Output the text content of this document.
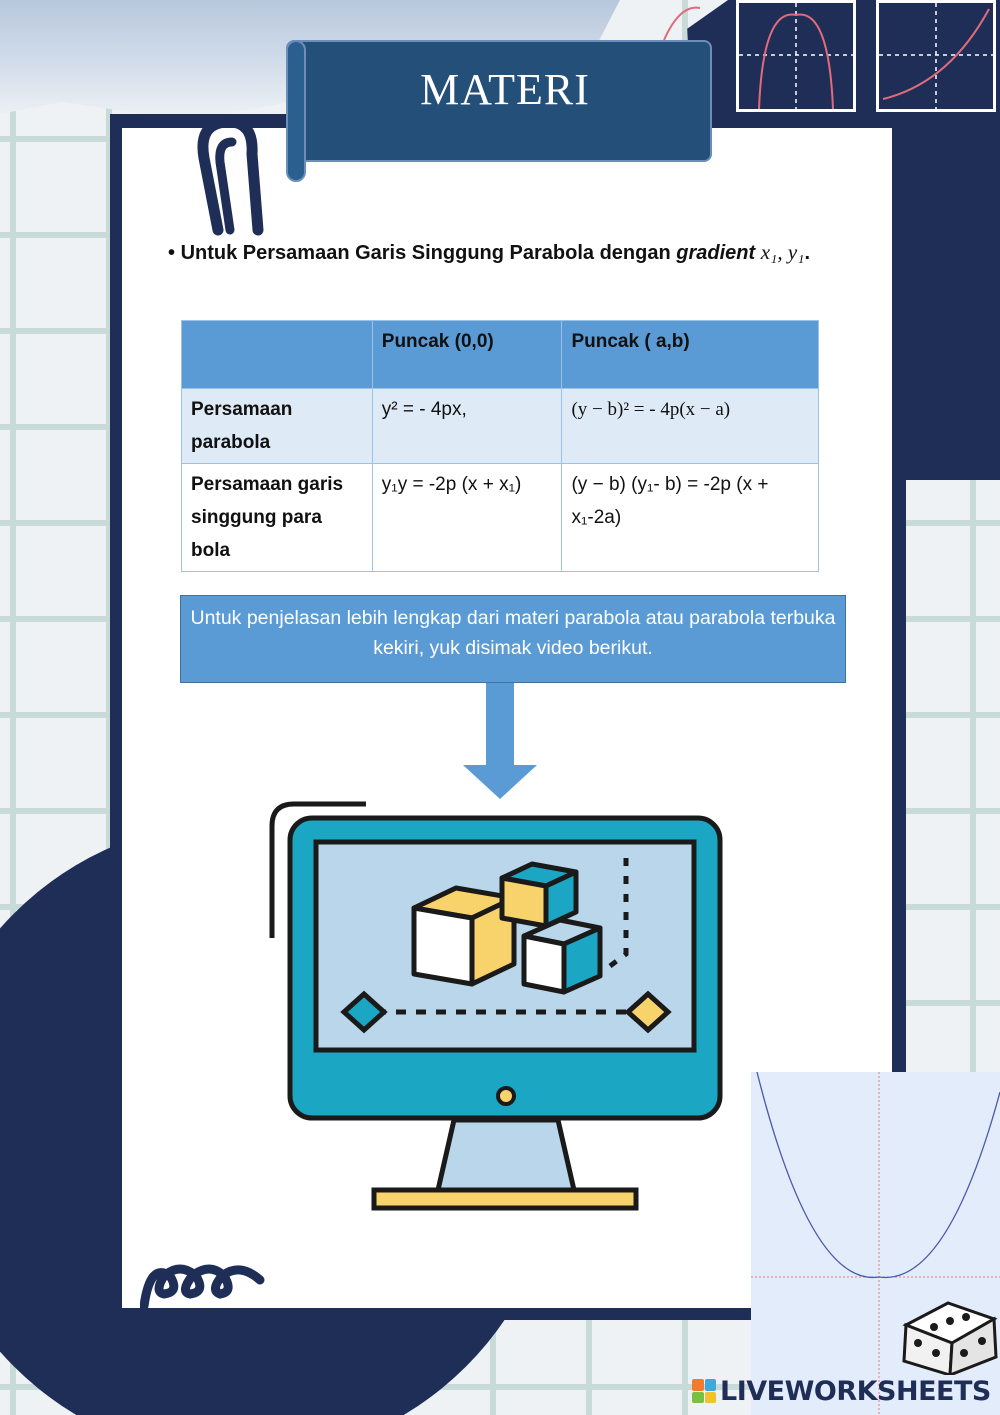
MATERI
• Untuk Persamaan Garis Singgung Parabola dengan gradient x₁, y₁.
	Puncak (0,0)	Puncak ( a,b)
Persamaan parabola	y² = - 4px,	(y − b)² = - 4p(x − a)
Persamaan garis singgung para bola	y₁y = -2p (x + x₁)	(y − b) (y₁- b) = -2p (x + x₁-2a)
Untuk penjelasan lebih lengkap dari materi parabola atau parabola terbuka kekiri, yuk disimak video berikut.
LIVEWORKSHEETS
